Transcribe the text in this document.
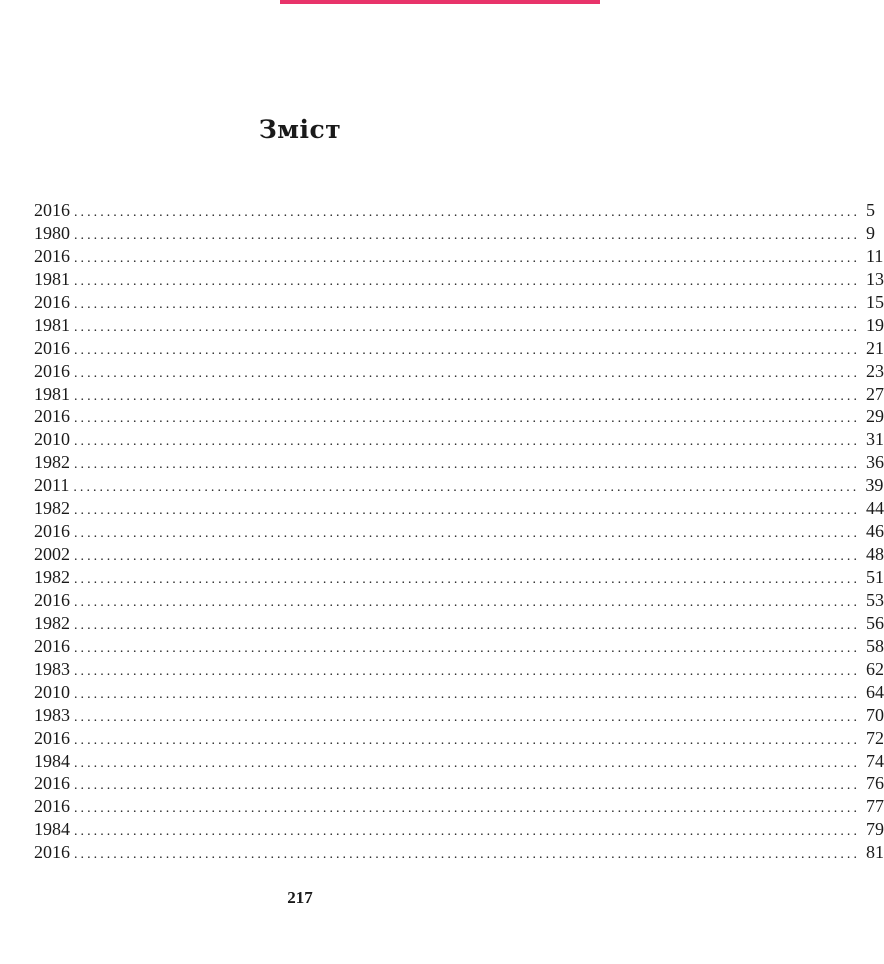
Зміст
2016 ........................................................................................................................ 5
1980 ........................................................................................................................ 9
2016 ........................................................................................................................ 11
1981 ........................................................................................................................ 13
2016 ........................................................................................................................ 15
1981 ........................................................................................................................ 19
2016 ........................................................................................................................ 21
2016 ........................................................................................................................ 23
1981 ........................................................................................................................ 27
2016 ........................................................................................................................ 29
2010 ........................................................................................................................ 31
1982 ........................................................................................................................ 36
2011 ........................................................................................................................ 39
1982 ........................................................................................................................ 44
2016 ........................................................................................................................ 46
2002 ........................................................................................................................ 48
1982 ........................................................................................................................ 51
2016 ........................................................................................................................ 53
1982 ........................................................................................................................ 56
2016 ........................................................................................................................ 58
1983 ........................................................................................................................ 62
2010 ........................................................................................................................ 64
1983 ........................................................................................................................ 70
2016 ........................................................................................................................ 72
1984 ........................................................................................................................ 74
2016 ........................................................................................................................ 76
2016 ........................................................................................................................ 77
1984 ........................................................................................................................ 79
2016 ........................................................................................................................ 81
217
